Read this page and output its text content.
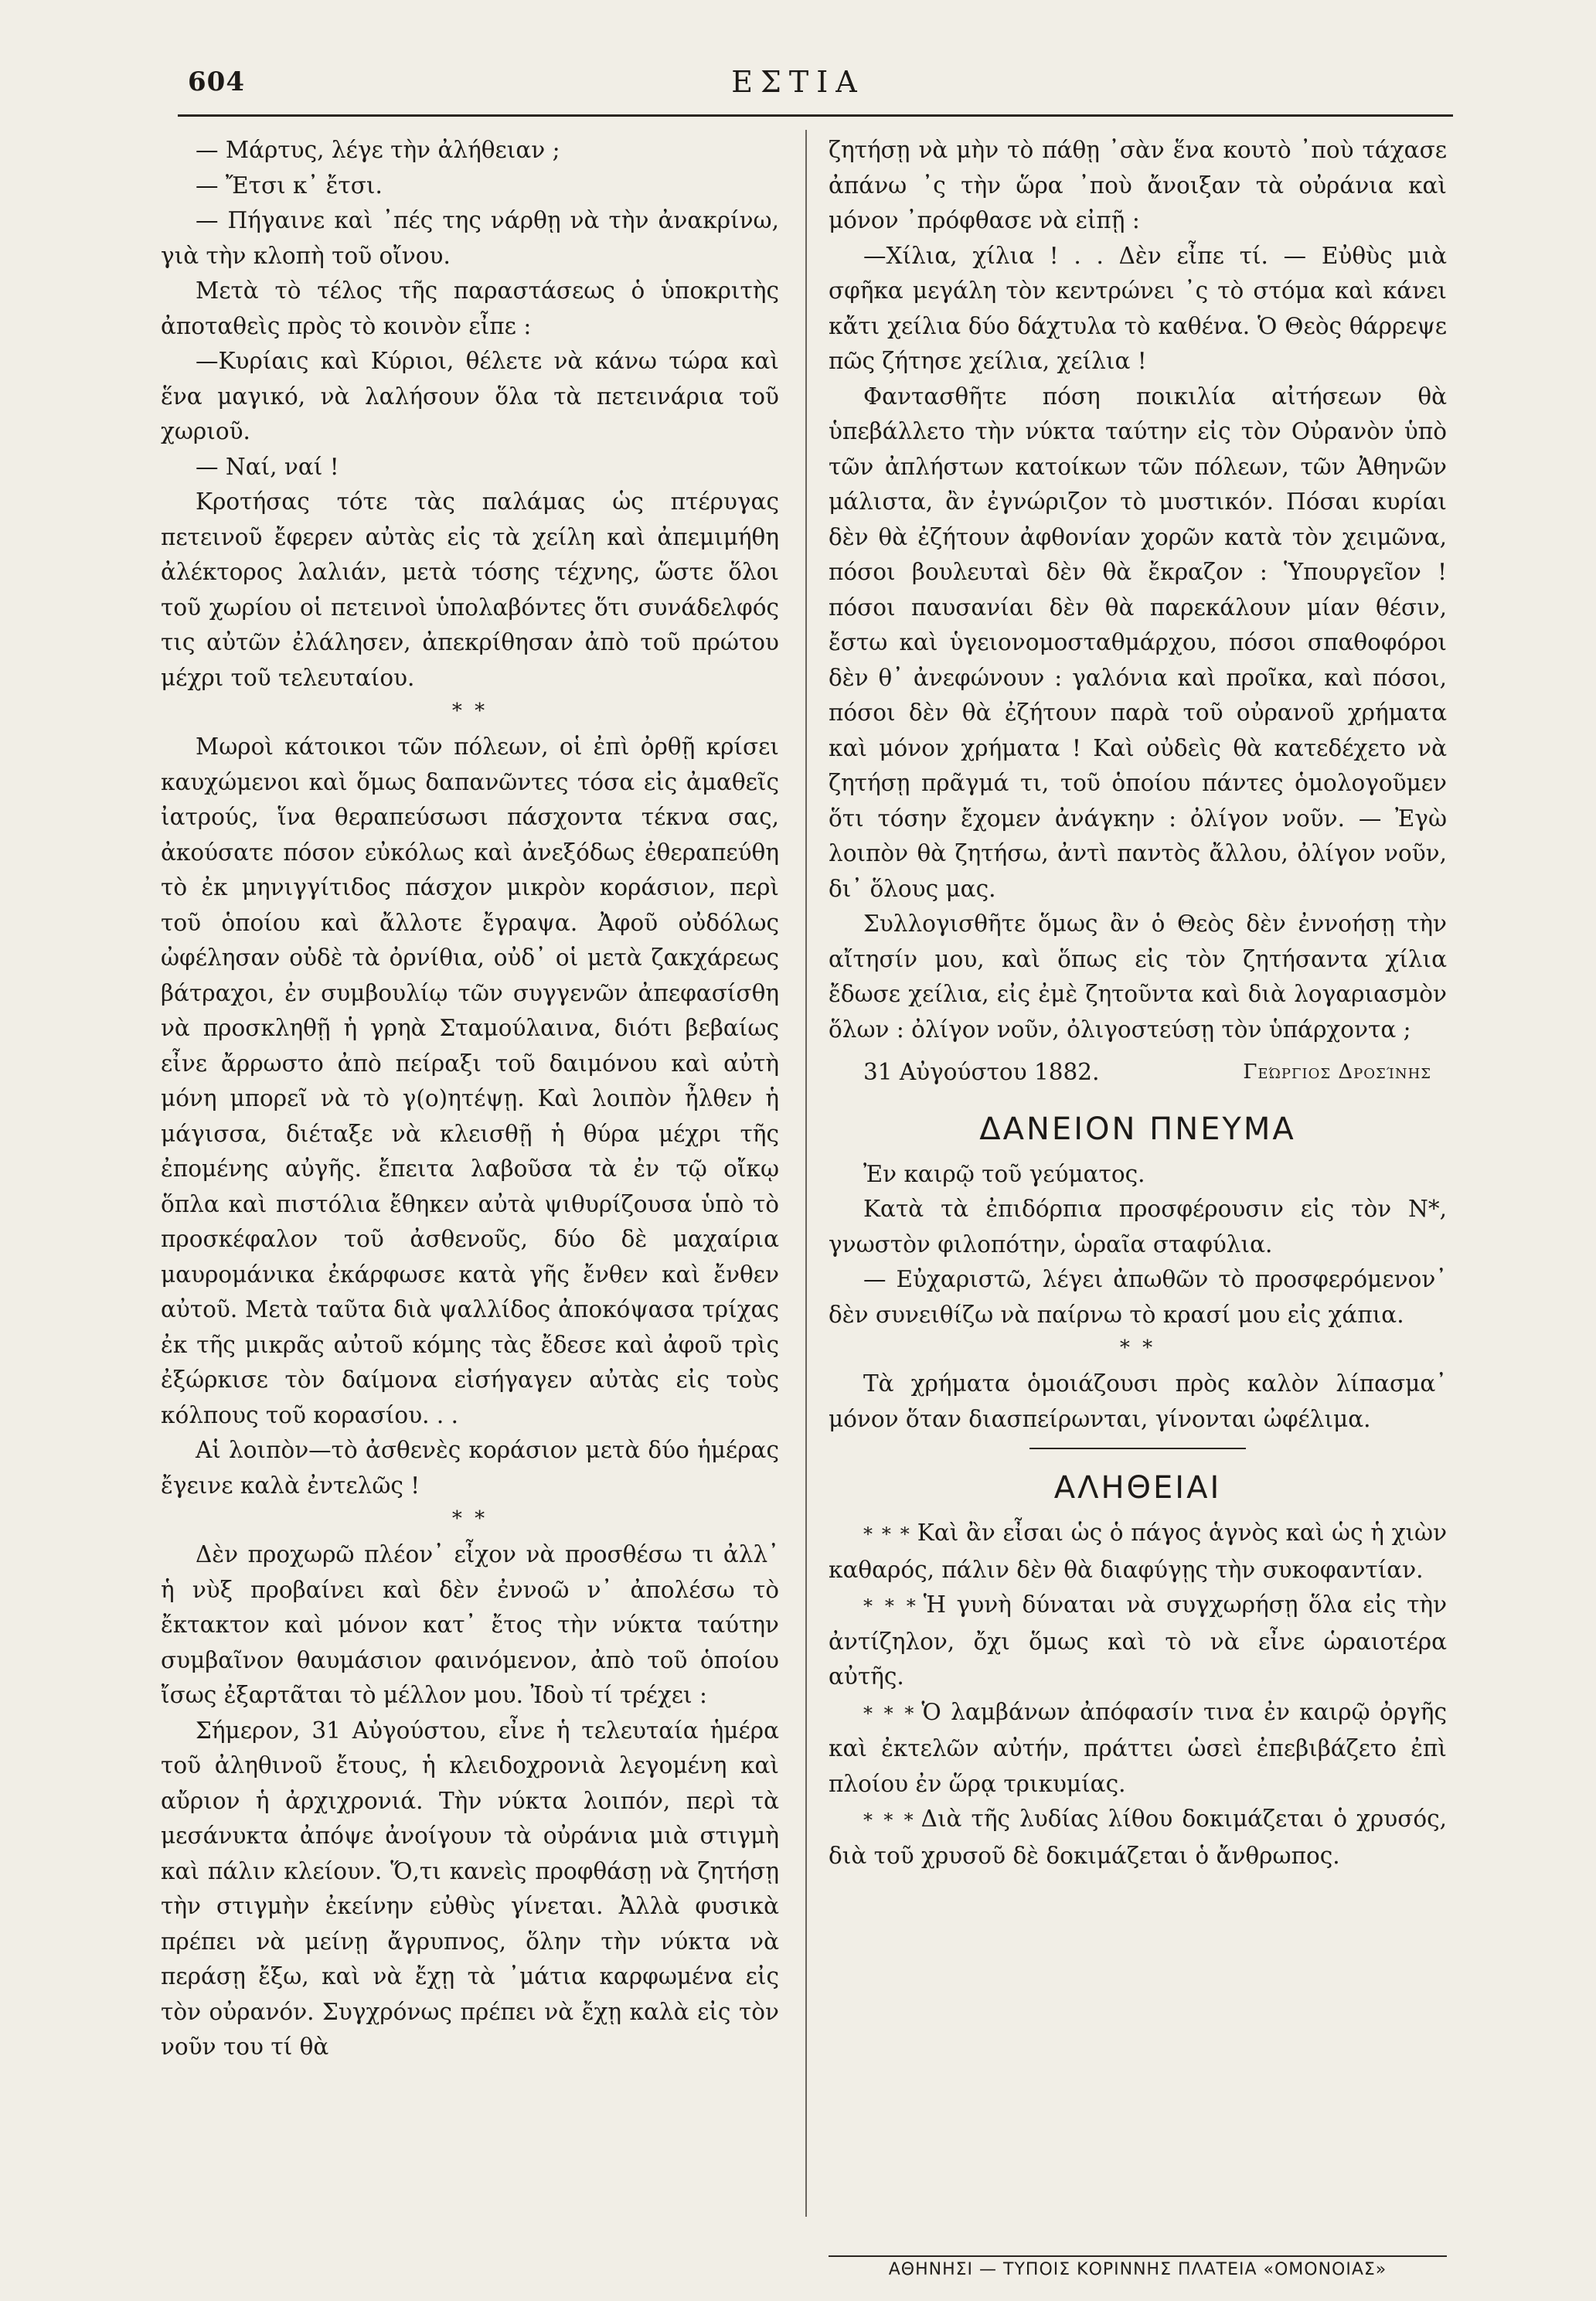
604	ΕΣΤΙΑ

— Μάρτυς, λέγε τὴν ἀλήθειαν ;

— Ἔτσι κ᾽ ἔτσι.

— Πήγαινε καὶ ᾽πές της νάρθῃ νὰ τὴν ἀνακρίνω, γιὰ τὴν κλοπὴ τοῦ οἴνου.

Μετὰ τὸ τέλος τῆς παραστάσεως ὁ ὑποκριτὴς ἀποταθεὶς πρὸς τὸ κοινὸν εἶπε :

—Κυρίαις καὶ Κύριοι, θέλετε νὰ κάνω τώρα καὶ ἕνα μαγικό, νὰ λαλήσουν ὅλα τὰ πετεινάρια τοῦ χωριοῦ.

— Ναί, ναί !

Κροτήσας τότε τὰς παλάμας ὡς πτέρυγας πετεινοῦ ἔφερεν αὐτὰς εἰς τὰ χείλη καὶ ἀπεμιμήθη ἀλέκτορος λαλιάν, μετὰ τόσης τέχνης, ὥστε ὅλοι τοῦ χωρίου οἱ πετεινοὶ ὑπολαβόντες ὅτι συνάδελφός τις αὐτῶν ἐλάλησεν, ἀπεκρίθησαν ἀπὸ τοῦ πρώτου μέχρι τοῦ τελευταίου.

* *

Μωροὶ κάτοικοι τῶν πόλεων, οἱ ἐπὶ ὀρθῇ κρίσει καυχώμενοι καὶ ὅμως δαπανῶντες τόσα εἰς ἀμαθεῖς ἰατρούς, ἵνα θεραπεύσωσι πάσχοντα τέκνα σας, ἀκούσατε πόσον εὐκόλως καὶ ἀνεξόδως ἐθεραπεύθη τὸ ἐκ μηνιγγίτιδος πάσχον μικρὸν κοράσιον, περὶ τοῦ ὁποίου καὶ ἄλλοτε ἔγραψα. Ἀφοῦ οὐδόλως ὠφέλησαν οὐδὲ τὰ ὀρνίθια, οὐδ᾽ οἱ μετὰ ζακχάρεως βάτραχοι, ἐν συμβουλίῳ τῶν συγγενῶν ἀπεφασίσθη νὰ προσκληθῇ ἡ γρηὰ Σταμούλαινα, διότι βεβαίως εἶνε ἄρρωστο ἀπὸ πείραξι τοῦ δαιμόνου καὶ αὐτὴ μόνη μπορεῖ νὰ τὸ γ(ο)ητέψῃ. Καὶ λοιπὸν ἦλθεν ἡ μάγισσα, διέταξε νὰ κλεισθῇ ἡ θύρα μέχρι τῆς ἐπομένης αὐγῆς. ἔπειτα λαβοῦσα τὰ ἐν τῷ οἴκῳ ὅπλα καὶ πιστόλια ἔθηκεν αὐτὰ ψιθυρίζουσα ὑπὸ τὸ προσκέφαλον τοῦ ἀσθενοῦς, δύο δὲ μαχαίρια μαυρομάνικα ἐκάρφωσε κατὰ γῆς ἔνθεν καὶ ἔνθεν αὐτοῦ. Μετὰ ταῦτα διὰ ψαλλίδος ἀποκόψασα τρίχας ἐκ τῆς μικρᾶς αὐτοῦ κόμης τὰς ἔδεσε καὶ ἀφοῦ τρὶς ἐξώρκισε τὸν δαίμονα εἰσήγαγεν αὐτὰς εἰς τοὺς κόλπους τοῦ κορασίου. . .

Αἱ λοιπὸν—τὸ ἀσθενὲς κοράσιον μετὰ δύο ἡμέρας ἔγεινε καλὰ ἐντελῶς !

* *

Δὲν προχωρῶ πλέον᾽ εἶχον νὰ προσθέσω τι ἀλλ᾽ ἡ νὺξ προβαίνει καὶ δὲν ἐννοῶ ν᾽ ἀπολέσω τὸ ἔκτακτον καὶ μόνον κατ᾽ ἔτος τὴν νύκτα ταύτην συμβαῖνον θαυμάσιον φαινόμενον, ἀπὸ τοῦ ὁποίου ἴσως ἐξαρτᾶται τὸ μέλλον μου. Ἰδοὺ τί τρέχει :

Σήμερον, 31 Αὐγούστου, εἶνε ἡ τελευταία ἡμέρα τοῦ ἀληθινοῦ ἔτους, ἡ κλειδοχρονιὰ λεγομένη καὶ αὔριον ἡ ἀρχιχρονιά. Τὴν νύκτα λοιπόν, περὶ τὰ μεσάνυκτα ἀπόψε ἀνοίγουν τὰ οὐράνια μιὰ στιγμὴ καὶ πάλιν κλείουν. Ὅ,τι κανεὶς προφθάσῃ νὰ ζητήσῃ τὴν στιγμὴν ἐκείνην εὐθὺς γίνεται. Ἀλλὰ φυσικὰ πρέπει νὰ μείνῃ ἄγρυπνος, ὅλην τὴν νύκτα νὰ περάσῃ ἔξω, καὶ νὰ ἔχῃ τὰ ᾽μάτια καρφωμένα εἰς τὸν οὐρανόν. Συγχρόνως πρέπει νὰ ἔχῃ καλὰ εἰς τὸν νοῦν του τί θὰ

ζητήσῃ νὰ μὴν τὸ πάθῃ ᾽σὰν ἕνα κουτὸ ᾽ποὺ τάχασε ἀπάνω ᾽ς τὴν ὥρα ᾽ποὺ ἄνοιξαν τὰ οὐράνια καὶ μόνον ᾽πρόφθασε νὰ εἰπῇ :

—Χίλια, χίλια ! . . Δὲν εἶπε τί. — Εὐθὺς μιὰ σφῆκα μεγάλη τὸν κεντρώνει ᾽ς τὸ στόμα καὶ κάνει κἄτι χείλια δύο δάχτυλα τὸ καθένα. Ὁ Θεὸς θάρρεψε πῶς ζήτησε χείλια, χείλια !

Φαντασθῆτε πόση ποικιλία αἰτήσεων θὰ ὑπεβάλλετο τὴν νύκτα ταύτην εἰς τὸν Οὐρανὸν ὑπὸ τῶν ἀπλήστων κατοίκων τῶν πόλεων, τῶν Ἀθηνῶν μάλιστα, ἂν ἐγνώριζον τὸ μυστικόν. Πόσαι κυρίαι δὲν θὰ ἐζήτουν ἀφθονίαν χορῶν κατὰ τὸν χειμῶνα, πόσοι βουλευταὶ δὲν θὰ ἔκραζον : Ὑπουργεῖον ! πόσοι παυσανίαι δὲν θὰ παρεκάλουν μίαν θέσιν, ἔστω καὶ ὑγειονομοσταθμάρχου, πόσοι σπαθοφόροι δὲν θ᾽ ἀνεφώνουν : γαλόνια καὶ προῖκα, καὶ πόσοι, πόσοι δὲν θὰ ἐζήτουν παρὰ τοῦ οὐρανοῦ χρήματα καὶ μόνον χρήματα ! Καὶ οὐδεὶς θὰ κατεδέχετο νὰ ζητήσῃ πρᾶγμά τι, τοῦ ὁποίου πάντες ὁμολογοῦμεν ὅτι τόσην ἔχομεν ἀνάγκην : ὀλίγον νοῦν. — Ἐγὼ λοιπὸν θὰ ζητήσω, ἀντὶ παντὸς ἄλλου, ὀλίγον νοῦν, δι᾽ ὅλους μας.

Συλλογισθῆτε ὅμως ἂν ὁ Θεὸς δὲν ἐννοήσῃ τὴν αἴτησίν μου, καὶ ὅπως εἰς τὸν ζητήσαντα χίλια ἔδωσε χείλια, εἰς ἐμὲ ζητοῦντα καὶ διὰ λογαριασμὸν ὅλων : ὀλίγον νοῦν, ὀλιγοστεύσῃ τὸν ὑπάρχοντα ;

31 Αὐγούστου 1882.	Γεώργιος Δροσίνης
ΔΑΝΕΙΟΝ ΠΝΕΥΜΑ

Ἐν καιρῷ τοῦ γεύματος.

Κατὰ τὰ ἐπιδόρπια προσφέρουσιν εἰς τὸν Ν*, γνωστὸν φιλοπότην, ὡραῖα σταφύλια.

— Εὐχαριστῶ, λέγει ἀπωθῶν τὸ προσφερόμενον᾽ δὲν συνειθίζω νὰ παίρνω τὸ κρασί μου εἰς χάπια.

* *

Τὰ χρήματα ὁμοιάζουσι πρὸς καλὸν λίπασμα᾽ μόνον ὅταν διασπείρωνται, γίνονται ὠφέλιμα.

ΑΛΗΘΕΙΑΙ

* * * Καὶ ἂν εἶσαι ὡς ὁ πάγος ἁγνὸς καὶ ὡς ἡ χιὼν καθαρός, πάλιν δὲν θὰ διαφύγῃς τὴν συκοφαντίαν.

* * * Ἡ γυνὴ δύναται νὰ συγχωρήσῃ ὅλα εἰς τὴν ἀντίζηλον, ὄχι ὅμως καὶ τὸ νὰ εἶνε ὡραιοτέρα αὐτῆς.

* * * Ὁ λαμβάνων ἀπόφασίν τινα ἐν καιρῷ ὀργῆς καὶ ἐκτελῶν αὐτήν, πράττει ὡσεὶ ἐπεβιβάζετο ἐπὶ πλοίου ἐν ὥρᾳ τρικυμίας.

* * * Διὰ τῆς λυδίας λίθου δοκιμάζεται ὁ χρυσός, διὰ τοῦ χρυσοῦ δὲ δοκιμάζεται ὁ ἄνθρωπος.

ΑΘΗΝΗΣΙ — ΤΥΠΟΙΣ ΚΟΡΙΝΝΗΣ ΠΛΑΤΕΙΑ «ΟΜΟΝΟΙΑΣ»
